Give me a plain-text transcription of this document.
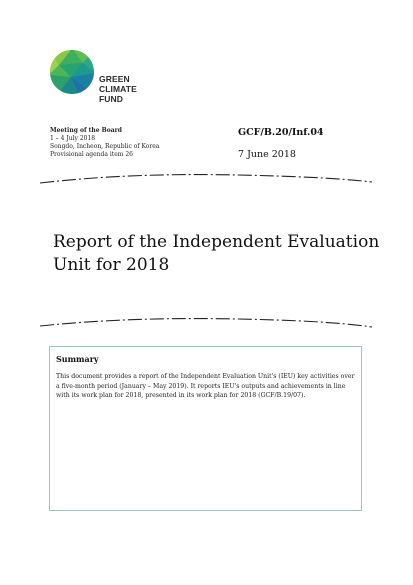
GREEN
CLIMATE
FUND
Meeting of the Board
1 – 4 July 2018
Songdo, Incheon, Republic of Korea
Provisional agenda item 26
GCF/B.20/Inf.04
7 June 2018
Report of the Independent Evaluation Unit for 2018
Summary

This document provides a report of the Independent Evaluation Unit's (IEU) key activities over a five-month period (January – May 2019). It reports IEU's outputs and achievements in line with its work plan for 2018, presented in its work plan for 2018 (GCF/B.19/07).
